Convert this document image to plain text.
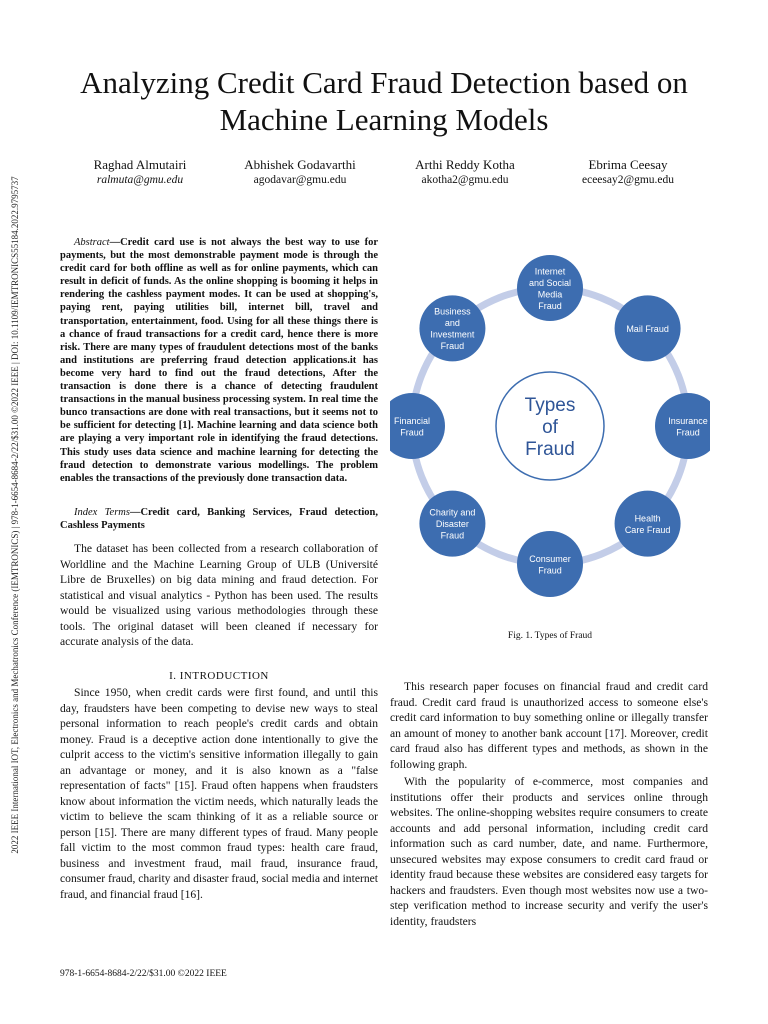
2022 IEEE International IOT, Electronics and Mechatronics Conference (IEMTRONICS) | 978-1-6654-8684-2/22/$31.00 ©2022 IEEE | DOI: 10.1109/IEMTRONICS55184.2022.9795737
Analyzing Credit Card Fraud Detection based on Machine Learning Models
Raghad Almutairi
ralmuta@gmu.edu
Abhishek Godavarthi
agodavar@gmu.edu
Arthi Reddy Kotha
akotha2@gmu.edu
Ebrima Ceesay
eceesay2@gmu.edu
Abstract—Credit card use is not always the best way to use for payments, but the most demonstrable payment mode is through the credit card for both offline as well as for online payments, which can result in deficit of funds. As the online shopping is booming it helps in rendering the cashless payment modes. It can be used at shopping's, paying rent, paying utilities bill, internet bill, travel and transportation, entertainment, food. Using for all these things there is a chance of fraud transactions for a credit card, hence there is more risk. There are many types of fraudulent detections most of the banks and institutions are preferring fraud detection applications.it has become very hard to find out the fraud detections, After the transaction is done there is a chance of detecting fraudulent transactions in the manual business processing system. In real time the bunco transactions are done with real transactions, but it seems not to be sufficient for detecting [1]. Machine learning and data science both are playing a very important role in identifying the fraud detections. This study uses data science and machine learning for detecting the fraud detection to demonstrate various modellings. The problem enables the transactions of the previously done transaction data.
Index Terms—Credit card, Banking Services, Fraud detection, Cashless Payments

The dataset has been collected from a research collaboration of Worldline and the Machine Learning Group of ULB (Université Libre de Bruxelles) on big data mining and fraud detection. For statistical and visual analytics - Python has been used. The results would be visualized using various methodologies through these tools. The original dataset will been cleaned if necessary for accurate analysis of the data.

I. INTRODUCTION

Since 1950, when credit cards were first found, and until this day, fraudsters have been competing to devise new ways to steal personal information to reach people's credit cards and obtain money. Fraud is a deceptive action done intentionally to give the culprit access to the victim's sensitive information illegally to gain an advantage or money, and it is also known as a "false representation of facts" [15]. Fraud often happens when fraudsters know about information the victim needs, which naturally leads the victim to believe the scam thinking of it as a reliable source or person [15]. There are many different types of fraud. Many people fall victim to the most common fraud types: health care fraud, business and investment fraud, mail fraud, insurance fraud, consumer fraud, charity and disaster fraud, social media and internet fraud, and financial fraud [16].

Types
of
Fraud
Internet
and Social
Media
Fraud
Mail Fraud
Insurance
Fraud
Health
Care Fraud
Consumer
Fraud
Charity and
Disaster
Fraud
Financial
Fraud
Business
and
Investment
Fraud
Fig. 1. Types of Fraud

This research paper focuses on financial fraud and credit card fraud. Credit card fraud is unauthorized access to someone else's credit card information to buy something online or illegally transfer an amount of money to another bank account [17]. Moreover, credit card fraud also has different types and methods, as shown in the following graph.

With the popularity of e-commerce, most companies and institutions offer their products and services online through websites. The online-shopping websites require consumers to create accounts and add personal information, including credit card information such as card number, date, and name. Furthermore, unsecured websites may expose consumers to credit card fraud or identity fraud because these websites are considered easy targets for hackers and fraudsters. Even though most websites now use a two-step verification method to increase security and verify the user's identity, fraudsters

978-1-6654-8684-2/22/$31.00 ©2022 IEEE
